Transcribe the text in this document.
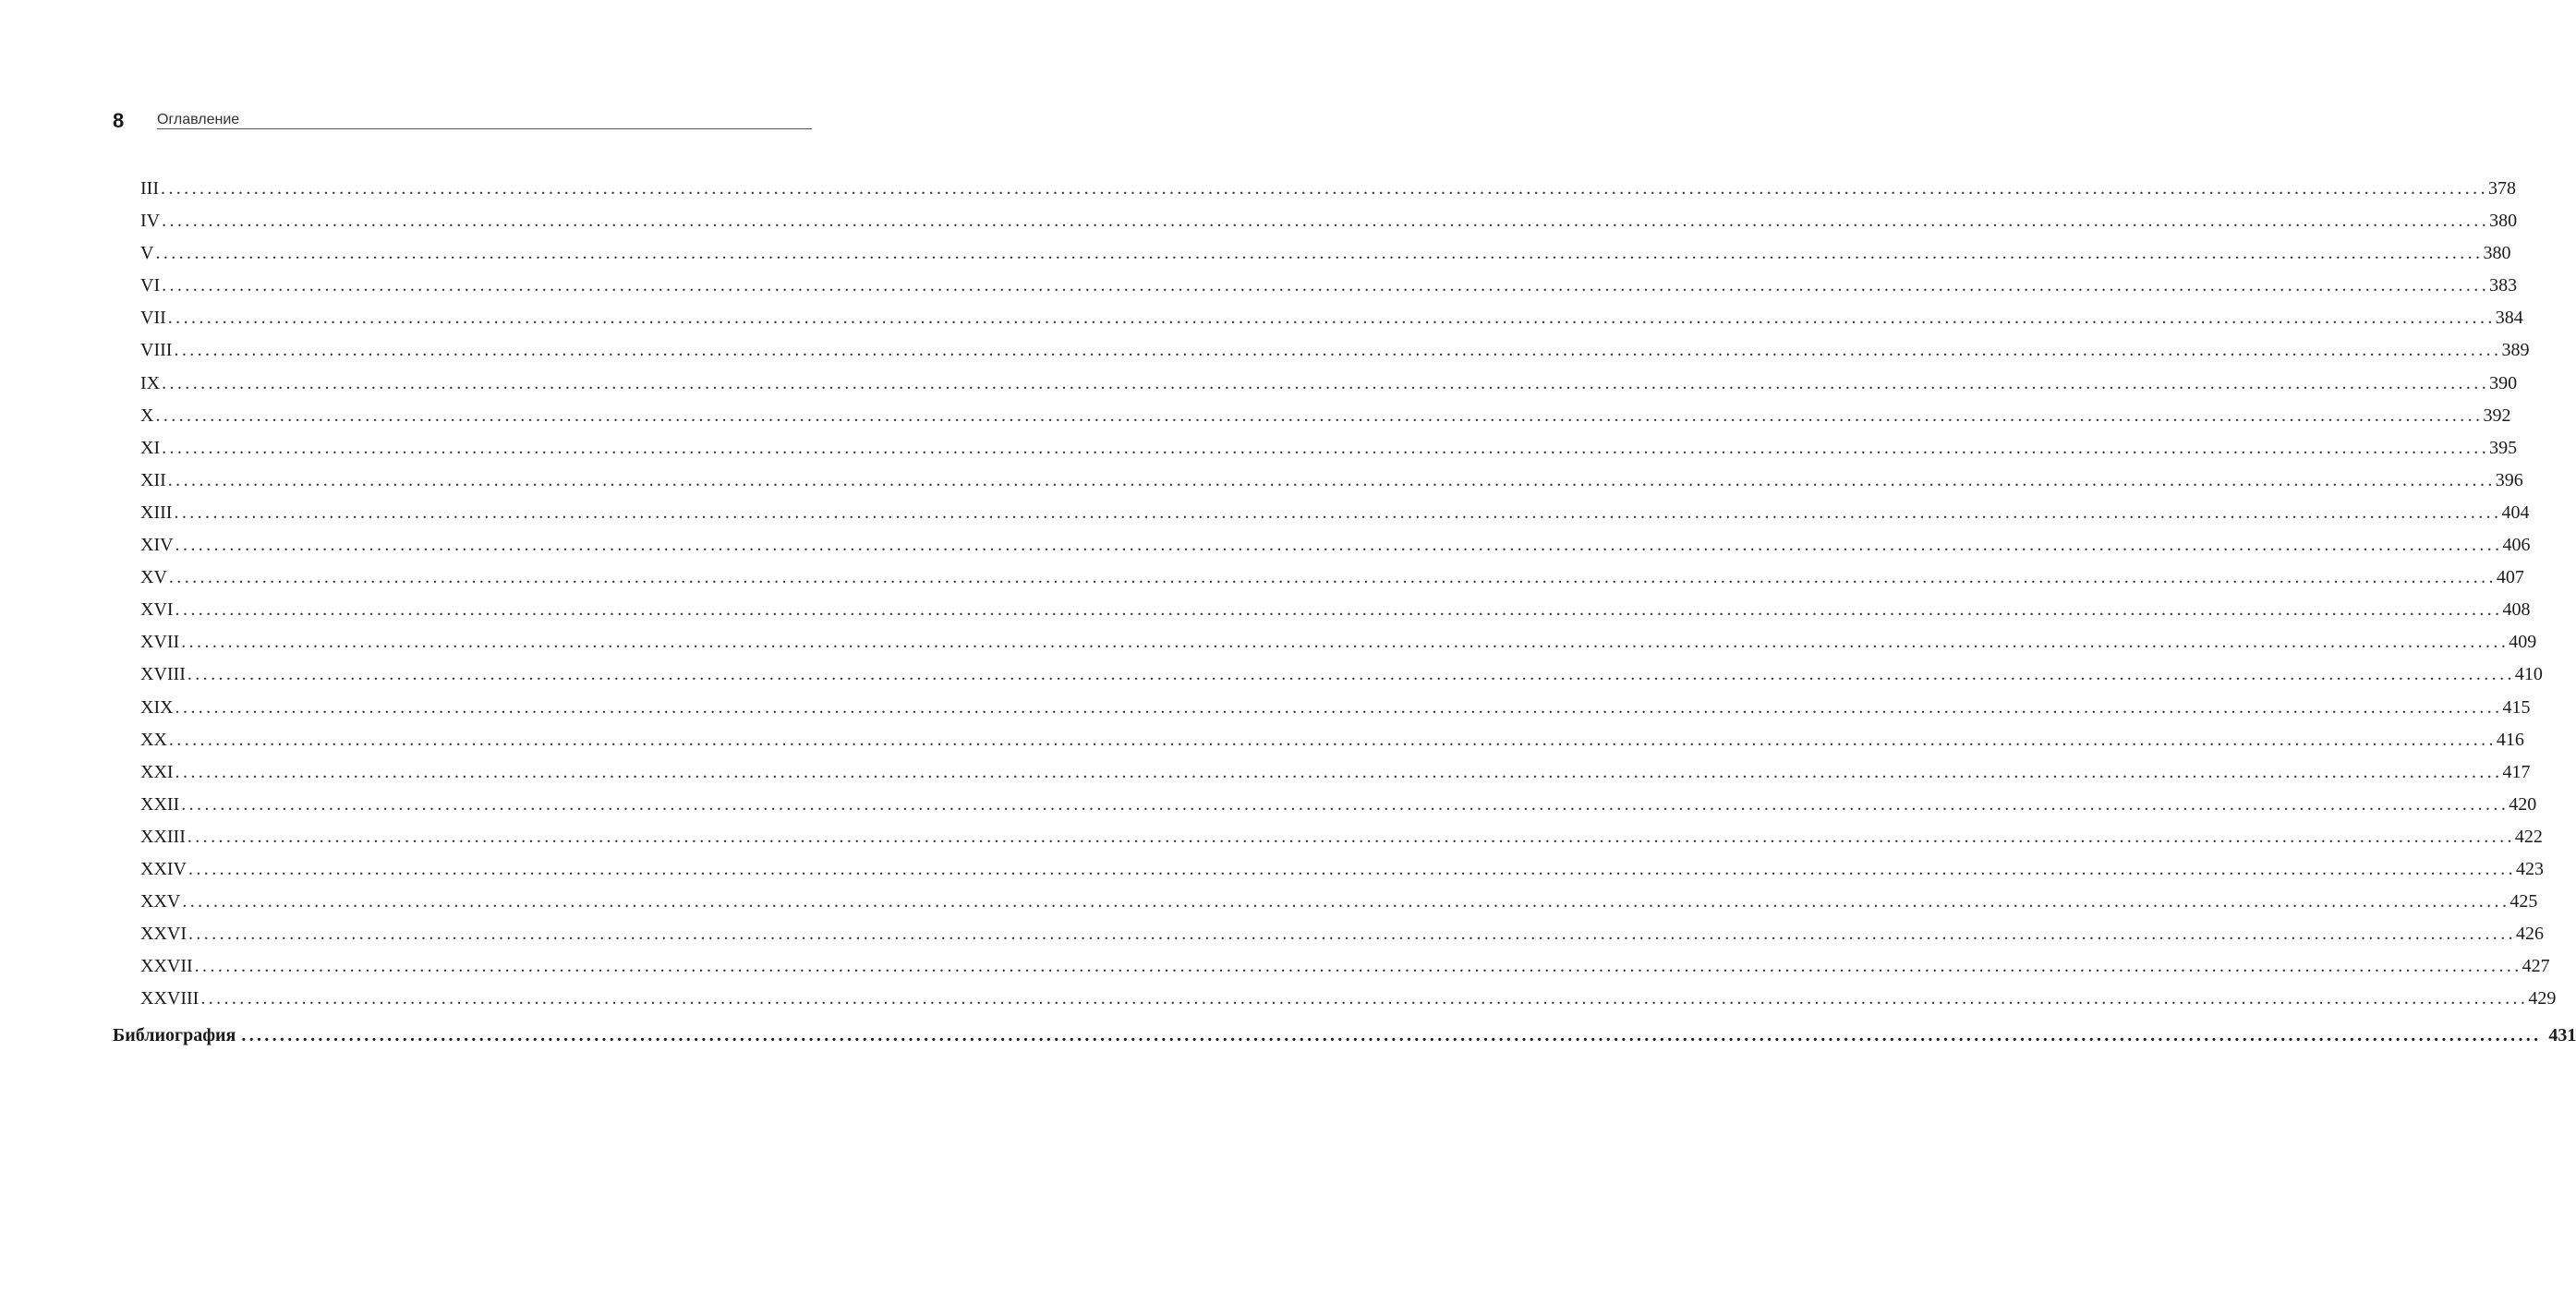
8 Оглавление
III ............................................................................................................................................................................................................................................................................................................ 378
IV ............................................................................................................................................................................................................................................................................................................ 380
V ............................................................................................................................................................................................................................................................................................................ 380
VI ............................................................................................................................................................................................................................................................................................................ 383
VII ............................................................................................................................................................................................................................................................................................................ 384
VIII ............................................................................................................................................................................................................................................................................................................ 389
IX ............................................................................................................................................................................................................................................................................................................ 390
X ............................................................................................................................................................................................................................................................................................................ 392
XI ............................................................................................................................................................................................................................................................................................................ 395
XII ............................................................................................................................................................................................................................................................................................................ 396
XIII ............................................................................................................................................................................................................................................................................................................ 404
XIV ............................................................................................................................................................................................................................................................................................................ 406
XV ............................................................................................................................................................................................................................................................................................................ 407
XVI ............................................................................................................................................................................................................................................................................................................ 408
XVII ............................................................................................................................................................................................................................................................................................................ 409
XVIII ............................................................................................................................................................................................................................................................................................................ 410
XIX ............................................................................................................................................................................................................................................................................................................ 415
XX ............................................................................................................................................................................................................................................................................................................ 416
XXI ............................................................................................................................................................................................................................................................................................................ 417
XXII ............................................................................................................................................................................................................................................................................................................ 420
XXIII ............................................................................................................................................................................................................................................................................................................ 422
XXIV ............................................................................................................................................................................................................................................................................................................ 423
XXV ............................................................................................................................................................................................................................................................................................................ 425
XXVI ............................................................................................................................................................................................................................................................................................................ 426
XXVII ............................................................................................................................................................................................................................................................................................................ 427
XXVIII ............................................................................................................................................................................................................................................................................................................ 429
Библиография ............................................................................................................................................................................................................................................................................................................ 431
